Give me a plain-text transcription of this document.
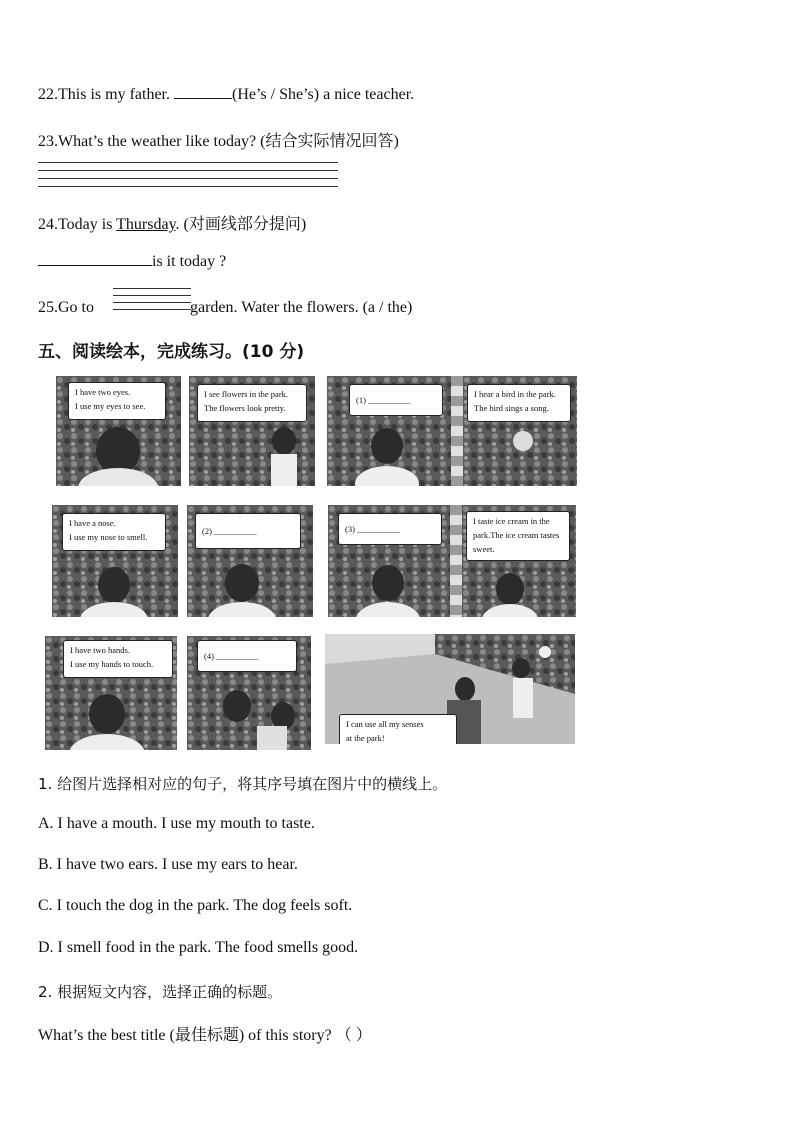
22.This is my father.	(He’s / She’s) a nice teacher.
23.What’s the weather like today? (结合实际情况回答)
24.Today is Thursday. (对画线部分提问)
is it today ?
25.Go to	garden. Water the flowers. (a / the)
五、阅读绘本，完成练习。(10 分)
I have two eyes.
I use my eyes to see.
I see flowers in the park.
The flowers look pretty.
(1) __________
I hear a bird in the park.
The bird sings a song.
I have a nose.
I use my nose to smell.
(2) __________	(3) __________
I taste ice cream in the
park.The ice cream tastes
sweet.
I have two hands.
I use my hands to touch.
(4) __________
I can use all my senses
at the park!
1. 给图片选择相对应的句子，将其序号填在图片中的横线上。
A. I have a mouth. I use my mouth to taste.
B. I have two ears. I use my ears to hear.
C. I touch the dog in the park. The dog feels soft.
D. I smell food in the park. The food smells good.
2. 根据短文内容，选择正确的标题。
What’s the best title (最佳标题) of this story? （ ）
